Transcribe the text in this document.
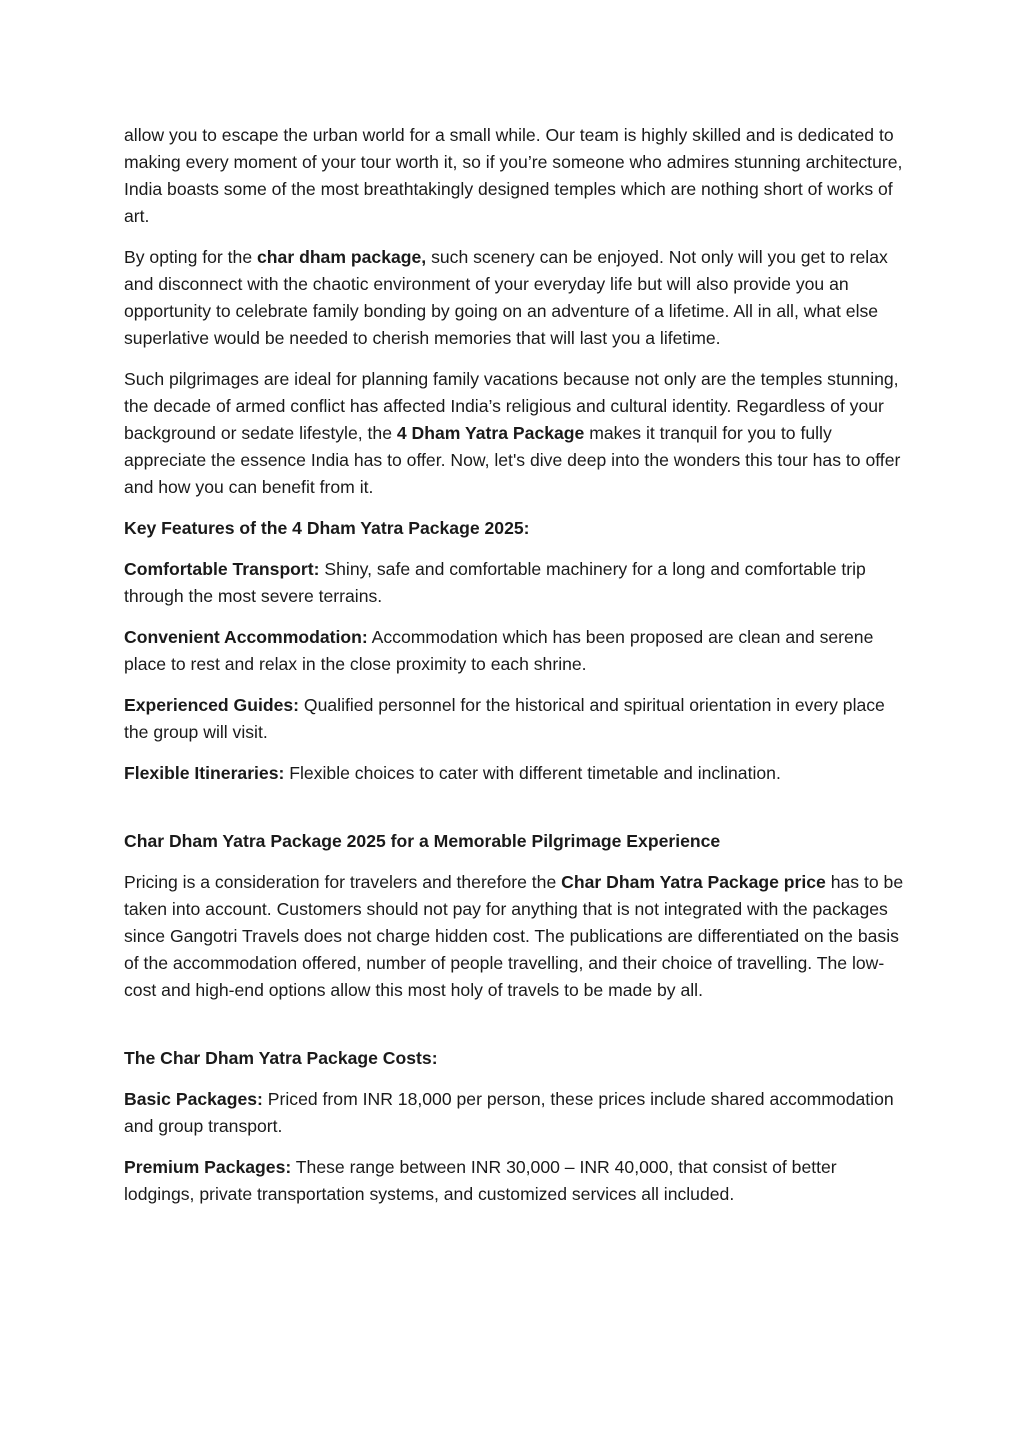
allow you to escape the urban world for a small while. Our team is highly skilled and is dedicated to making every moment of your tour worth it, so if you’re someone who admires stunning architecture, India boasts some of the most breathtakingly designed temples which are nothing short of works of art.

By opting for the char dham package, such scenery can be enjoyed. Not only will you get to relax and disconnect with the chaotic environment of your everyday life but will also provide you an opportunity to celebrate family bonding by going on an adventure of a lifetime. All in all, what else superlative would be needed to cherish memories that will last you a lifetime.

Such pilgrimages are ideal for planning family vacations because not only are the temples stunning, the decade of armed conflict has affected India’s religious and cultural identity. Regardless of your background or sedate lifestyle, the 4 Dham Yatra Package makes it tranquil for you to fully appreciate the essence India has to offer. Now, let's dive deep into the wonders this tour has to offer and how you can benefit from it.

Key Features of the 4 Dham Yatra Package 2025:

Comfortable Transport: Shiny, safe and comfortable machinery for a long and comfortable trip through the most severe terrains.

Convenient Accommodation: Accommodation which has been proposed are clean and serene place to rest and relax in the close proximity to each shrine.

Experienced Guides: Qualified personnel for the historical and spiritual orientation in every place the group will visit.

Flexible Itineraries: Flexible choices to cater with different timetable and inclination.

Char Dham Yatra Package 2025 for a Memorable Pilgrimage Experience

Pricing is a consideration for travelers and therefore the Char Dham Yatra Package price has to be taken into account. Customers should not pay for anything that is not integrated with the packages since Gangotri Travels does not charge hidden cost. The publications are differentiated on the basis of the accommodation offered, number of people travelling, and their choice of travelling. The low-cost and high-end options allow this most holy of travels to be made by all.

The Char Dham Yatra Package Costs:

Basic Packages: Priced from INR 18,000 per person, these prices include shared accommodation and group transport.

Premium Packages: These range between INR 30,000 – INR 40,000, that consist of better lodgings, private transportation systems, and customized services all included.
